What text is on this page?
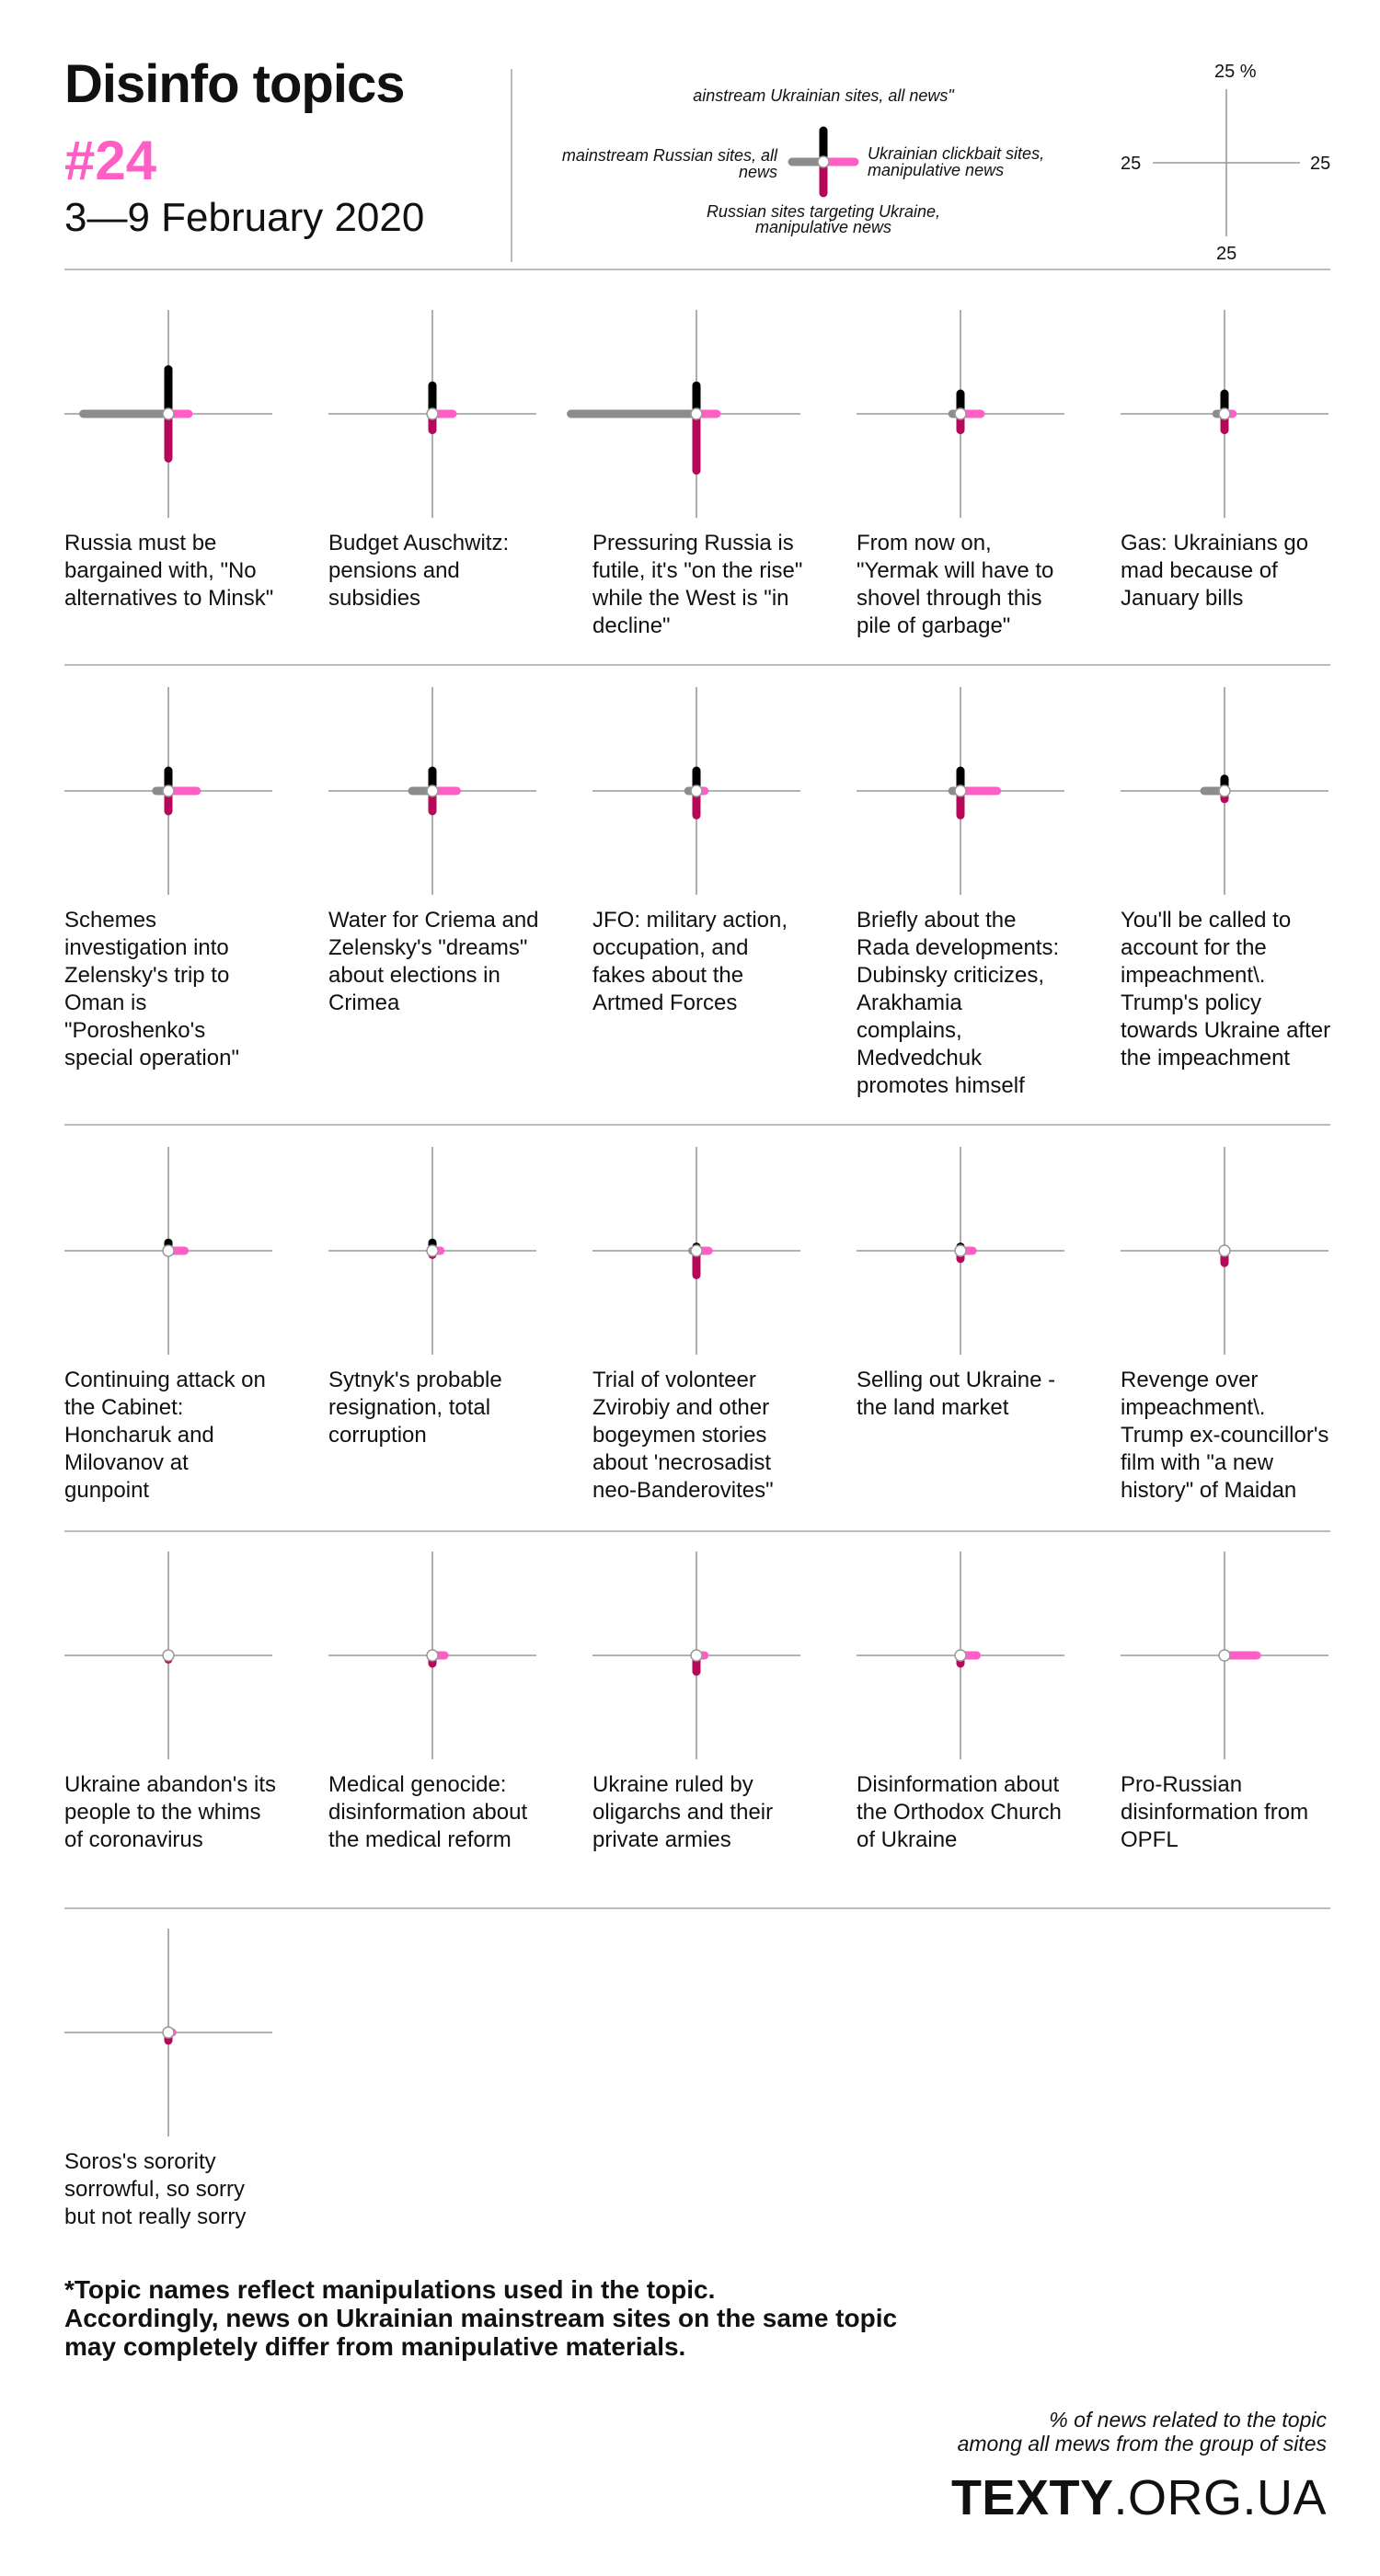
Disinfo topics
#24
3—9 February 2020
ainstream Ukrainian sites, all news"
mainstream Russian sites, all news
Ukrainian clickbait sites, manipulative news
Russian sites targeting Ukraine, manipulative news
25 %
25	25
25
Russia must be bargained with, "No alternatives to Minsk"
Budget Auschwitz: pensions and subsidies
Pressuring Russia is futile, it's "on the rise" while the West is "in decline"
From now on, "Yermak will have to shovel through this pile of garbage"
Gas: Ukrainians go mad because of January bills
Schemes investigation into Zelensky's trip to Oman is "Poroshenko's special operation"
Water for Criema and Zelensky's "dreams" about elections in Crimea
JFO: military action, occupation, and fakes about the Artmed Forces
Briefly about the Rada developments: Dubinsky criticizes, Arakhamia complains, Medvedchuk promotes himself
You'll be called to account for the impeachment\. Trump's policy towards Ukraine after the impeachment
Continuing attack on the Cabinet: Honcharuk and Milovanov at gunpoint
Sytnyk's probable resignation, total corruption
Trial of volonteer Zvirobiy and other bogeymen stories about 'necrosadist neo-Banderovites"
Selling out Ukraine - the land market
Revenge over impeachment\. Trump ex-councillor's film with "a new history" of Maidan
Ukraine abandon's its people to the whims of coronavirus
Medical genocide: disinformation about the medical reform
Ukraine ruled by oligarchs and their private armies
Disinformation about the Orthodox Church of Ukraine
Pro-Russian disinformation from OPFL
Soros's sorority sorrowful, so sorry but not really sorry
*Topic names reflect manipulations used in the topic.
Accordingly, news on Ukrainian mainstream sites on the same topic
may completely differ from manipulative materials.
% of news related to the topic
among all mews from the group of sites
TEXTY.ORG.UA
